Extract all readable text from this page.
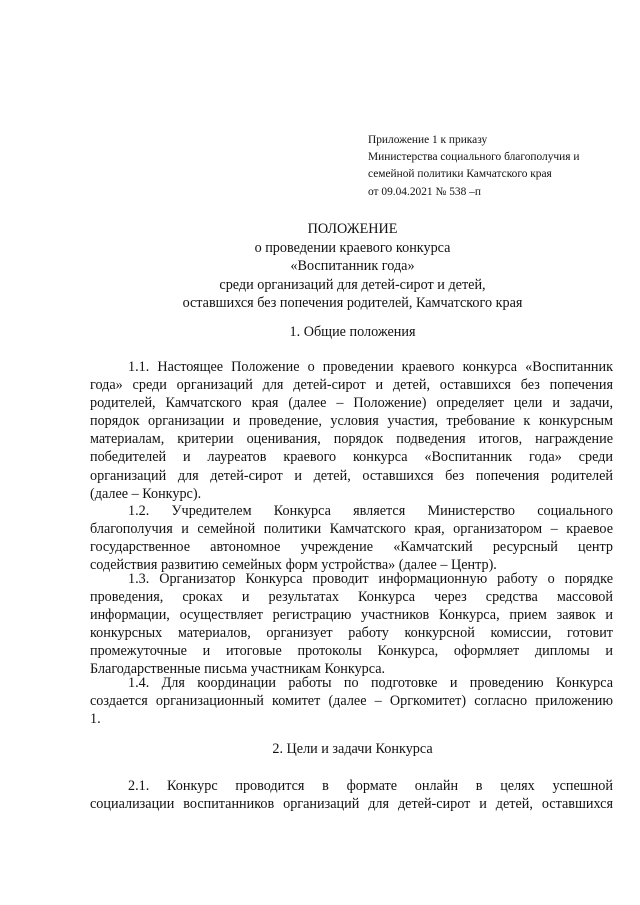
Приложение 1 к приказу
Министерства социального благополучия и
семейной политики Камчатского края
от 09.04.2021 № 538 –п
ПОЛОЖЕНИЕ
о проведении краевого конкурса
«Воспитанник года»
среди организаций для детей-сирот и детей,
оставшихся без попечения родителей, Камчатского края
1. Общие положения
1.1. Настоящее Положение о проведении краевого конкурса «Воспитанник
года» среди организаций для детей-сирот и детей, оставшихся без попечения
родителей, Камчатского края (далее – Положение) определяет цели и задачи,
порядок организации и проведение, условия участия, требование к конкурсным
материалам, критерии оценивания, порядок подведения итогов, награждение
победителей и лауреатов краевого конкурса «Воспитанник года» среди
организаций для детей-сирот и детей, оставшихся без попечения родителей
(далее – Конкурс).
1.2. Учредителем Конкурса является Министерство социального
благополучия и семейной политики Камчатского края, организатором – краевое
государственное автономное учреждение «Камчатский ресурсный центр
содействия развитию семейных форм устройства» (далее – Центр).
1.3. Организатор Конкурса проводит информационную работу о порядке
проведения, сроках и результатах Конкурса через средства массовой
информации, осуществляет регистрацию участников Конкурса, прием заявок и
конкурсных материалов, организует работу конкурсной комиссии, готовит
промежуточные и итоговые протоколы Конкурса, оформляет дипломы и
Благодарственные письма участникам Конкурса.
1.4. Для координации работы по подготовке и проведению Конкурса
создается организационный комитет (далее – Оргкомитет) согласно приложению
1.
2. Цели и задачи Конкурса
2.1. Конкурс проводится в формате онлайн в целях успешной
социализации воспитанников организаций для детей-сирот и детей, оставшихся
